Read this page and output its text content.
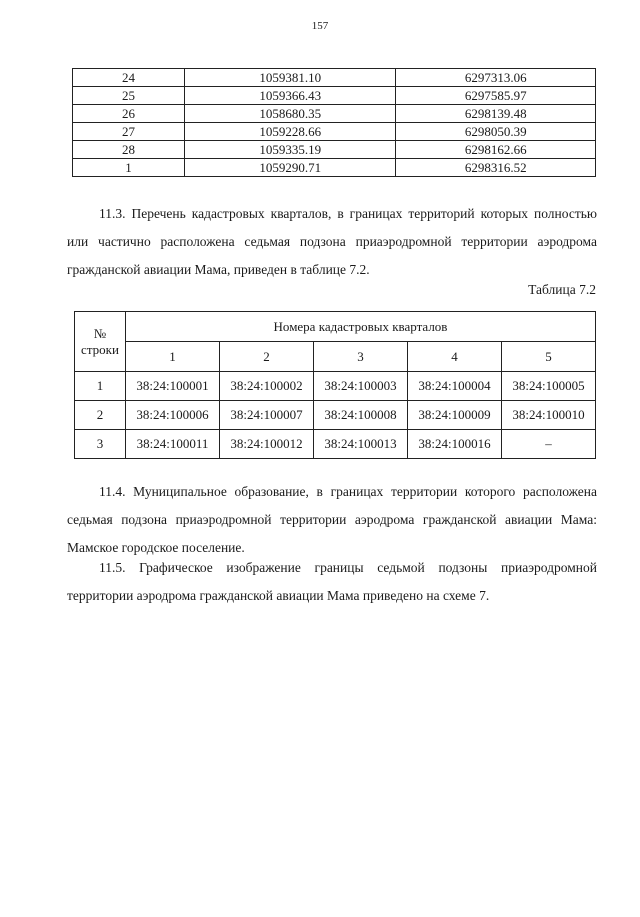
157
24	1059381.10	6297313.06
25	1059366.43	6297585.97
26	1058680.35	6298139.48
27	1059228.66	6298050.39
28	1059335.19	6298162.66
1	1059290.71	6298316.52
11.3. Перечень кадастровых кварталов, в границах территорий которых полностью или частично расположена седьмая подзона приаэродромной территории аэродрома гражданской авиации Мама, приведен в таблице 7.2.
Таблица 7.2
№ строки	Номера кадастровых кварталов				
	1	2	3	4	5
1	38:24:100001	38:24:100002	38:24:100003	38:24:100004	38:24:100005
2	38:24:100006	38:24:100007	38:24:100008	38:24:100009	38:24:100010
3	38:24:100011	38:24:100012	38:24:100013	38:24:100016	–
11.4. Муниципальное образование, в границах территории которого расположена седьмая подзона приаэродромной территории аэродрома гражданской авиации Мама: Мамское городское поселение.
11.5. Графическое изображение границы седьмой подзоны приаэродромной территории аэродрома гражданской авиации Мама приведено на схеме 7.
